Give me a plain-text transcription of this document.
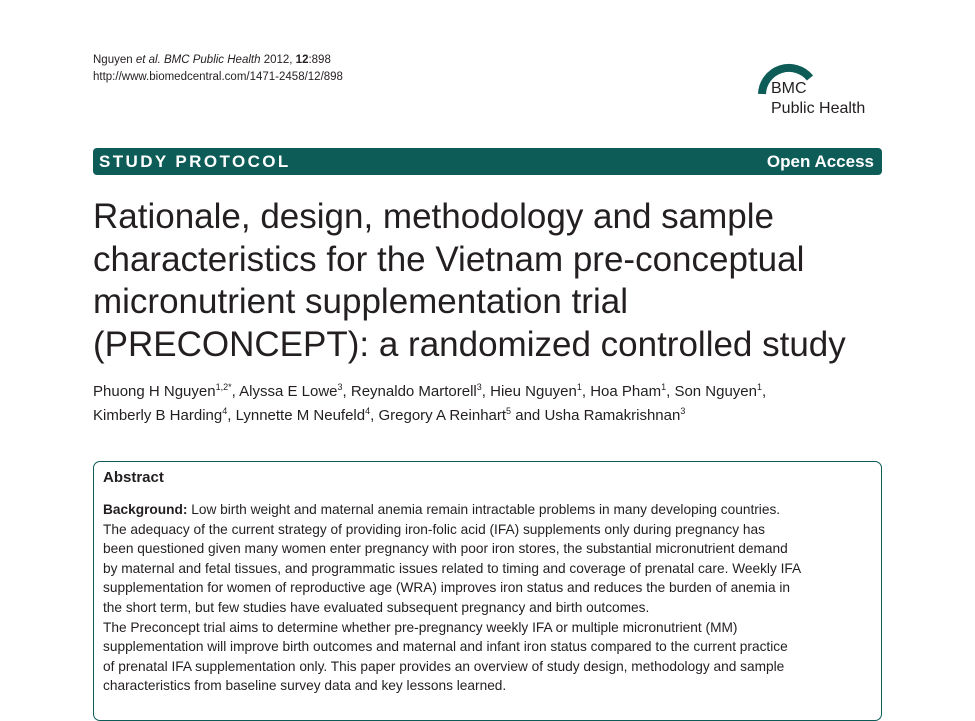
Nguyen et al. BMC Public Health 2012, 12:898
http://www.biomedcentral.com/1471-2458/12/898
BMC
Public Health
STUDY PROTOCOL	Open Access
Rationale, design, methodology and sample
characteristics for the Vietnam pre-conceptual
micronutrient supplementation trial
(PRECONCEPT): a randomized controlled study
Phuong H Nguyen$^{1,2*}$, Alyssa E Lowe$^3$, Reynaldo Martorell$^3$, Hieu Nguyen$^1$, Hoa Pham$^1$, Son Nguyen$^1$,
Kimberly B Harding$^4$, Lynnette M Neufeld$^4$, Gregory A Reinhart$^5$ and Usha Ramakrishnan$^3$
Abstract
Background: Low birth weight and maternal anemia remain intractable problems in many developing countries.
The adequacy of the current strategy of providing iron-folic acid (IFA) supplements only during pregnancy has
been questioned given many women enter pregnancy with poor iron stores, the substantial micronutrient demand
by maternal and fetal tissues, and programmatic issues related to timing and coverage of prenatal care. Weekly IFA
supplementation for women of reproductive age (WRA) improves iron status and reduces the burden of anemia in
the short term, but few studies have evaluated subsequent pregnancy and birth outcomes.
The Preconcept trial aims to determine whether pre-pregnancy weekly IFA or multiple micronutrient (MM)
supplementation will improve birth outcomes and maternal and infant iron status compared to the current practice
of prenatal IFA supplementation only. This paper provides an overview of study design, methodology and sample
characteristics from baseline survey data and key lessons learned.
